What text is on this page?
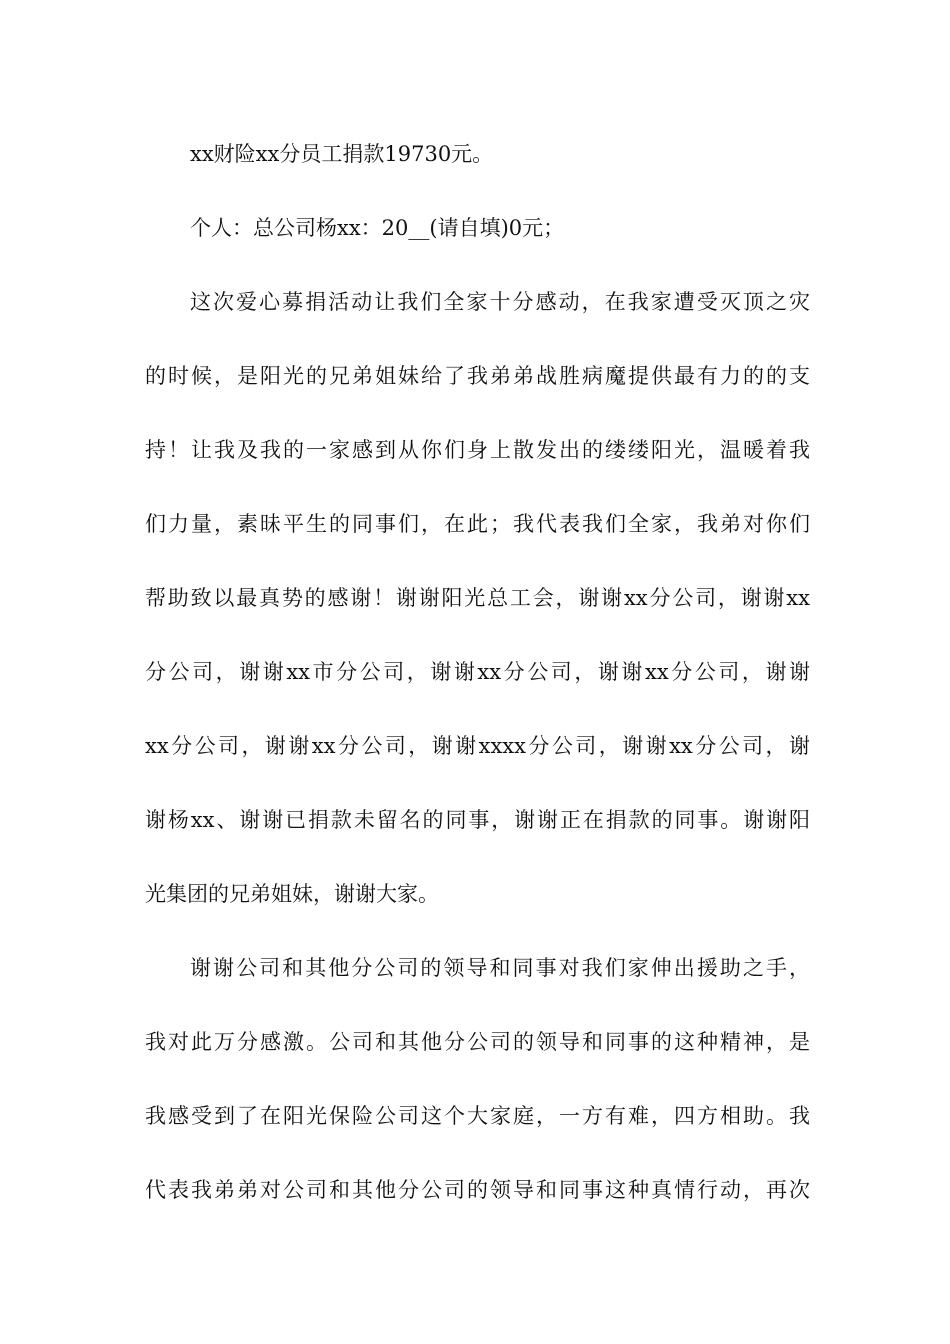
xx财险xx分员工捐款19730元。
个人：总公司杨xx：20__(请自填)0元；
这次爱心募捐活动让我们全家十分感动，在我家遭受灭顶之灾
的时候，是阳光的兄弟姐妹给了我弟弟战胜病魔提供最有力的的支
持！让我及我的一家感到从你们身上散发出的缕缕阳光，温暖着我
们力量，素昧平生的同事们，在此；我代表我们全家，我弟对你们
帮助致以最真势的感谢！谢谢阳光总工会，谢谢xx分公司，谢谢xx
分公司，谢谢xx市分公司，谢谢xx分公司，谢谢xx分公司，谢谢
xx分公司，谢谢xx分公司，谢谢xxxx分公司，谢谢xx分公司，谢
谢杨xx、谢谢已捐款未留名的同事，谢谢正在捐款的同事。谢谢阳
光集团的兄弟姐妹，谢谢大家。
谢谢公司和其他分公司的领导和同事对我们家伸出援助之手，
我对此万分感激。公司和其他分公司的领导和同事的这种精神，是
我感受到了在阳光保险公司这个大家庭，一方有难，四方相助。我
代表我弟弟对公司和其他分公司的领导和同事这种真情行动，再次
